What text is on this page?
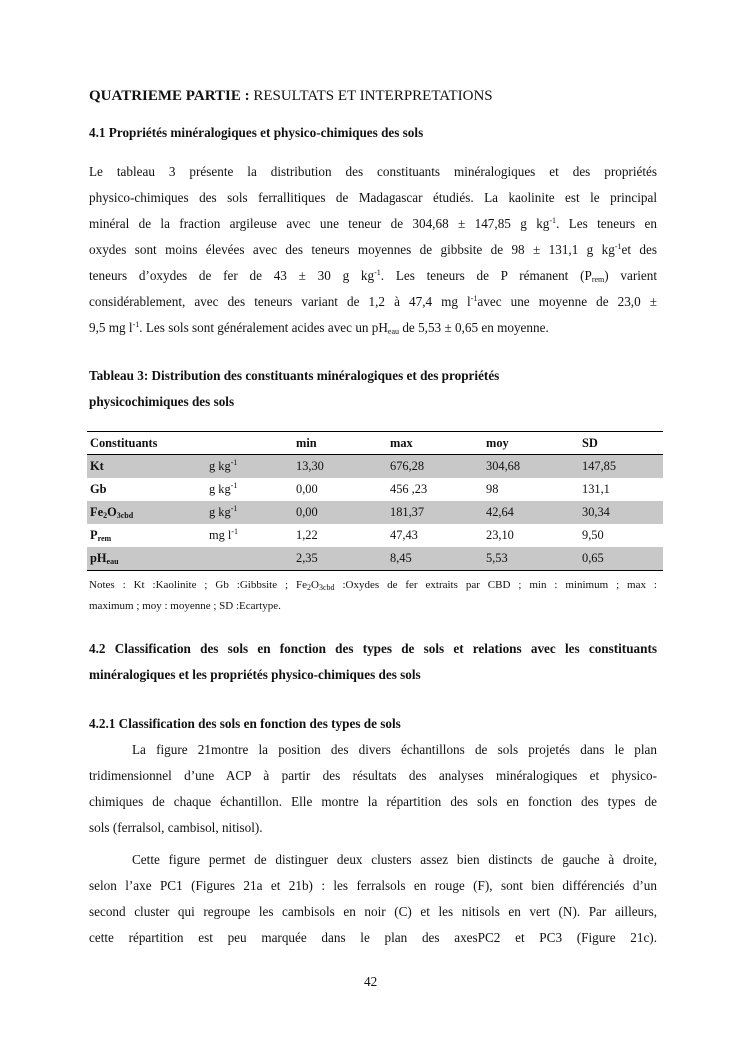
QUATRIEME PARTIE : RESULTATS ET INTERPRETATIONS
4.1 Propriétés minéralogiques et physico-chimiques des sols
Le tableau 3 présente la distribution des constituants minéralogiques et des propriétés
physico-chimiques des sols ferrallitiques de Madagascar étudiés. La kaolinite est le principal
minéral de la fraction argileuse avec une teneur de 304,68 ± 147,85 g $kg^{-1}$. Les teneurs en
oxydes sont moins élevées avec des teneurs moyennes de gibbsite de 98 ± 131,1 g $kg^{-1}et$ des
teneurs d’oxydes de fer de 43 ± 30 g $kg^{-1}$. Les teneurs de P rémanent $(P_{rem})$ varient
considérablement, avec des teneurs variant de 1,2 à 47,4 mg $l^{-1}avec$ une moyenne de 23,0 ±
9,5 mg $l^{-1}$. Les sols sont généralement acides avec un $pH_{eau}$ de 5,53 ± 0,65 en moyenne.
Tableau 3: Distribution des constituants minéralogiques et des propriétés
physicochimiques des sols
Constituants		min	max	moy	SD
Kt	g $kg^{-1}$	13,30	676,28	304,68	147,85
Gb	g $kg^{-1}$	0,00	456 ,23	98	131,1
$Fe_2O_{3cbd}$	g $kg^{-1}$	0,00	181,37	42,64	30,34
$P_{rem}$	mg $l^{-1}$	1,22	47,43	23,10	9,50
$pH_{eau}$		2,35	8,45	5,53	0,65
Notes : Kt :Kaolinite ; Gb :Gibbsite ; $Fe_2O_{3cbd}$ :Oxydes de fer extraits par CBD ; min : minimum ; max :
maximum ; moy : moyenne ; SD :Ecartype.
4.2 Classification des sols en fonction des types de sols et relations avec les constituants
minéralogiques et les propriétés physico-chimiques des sols
4.2.1 Classification des sols en fonction des types de sols
La figure 21montre la position des divers échantillons de sols projetés dans le plan
tridimensionnel d’une ACP à partir des résultats des analyses minéralogiques et physico-
chimiques de chaque échantillon. Elle montre la répartition des sols en fonction des types de
sols (ferralsol, cambisol, nitisol).
Cette figure permet de distinguer deux clusters assez bien distincts de gauche à droite,
selon l’axe PC1 (Figures 21a et 21b) : les ferralsols en rouge (F), sont bien différenciés d’un
second cluster qui regroupe les cambisols en noir (C) et les nitisols en vert (N). Par ailleurs,
cette répartition est peu marquée dans le plan des axesPC2 et PC3 (Figure 21c).
42
